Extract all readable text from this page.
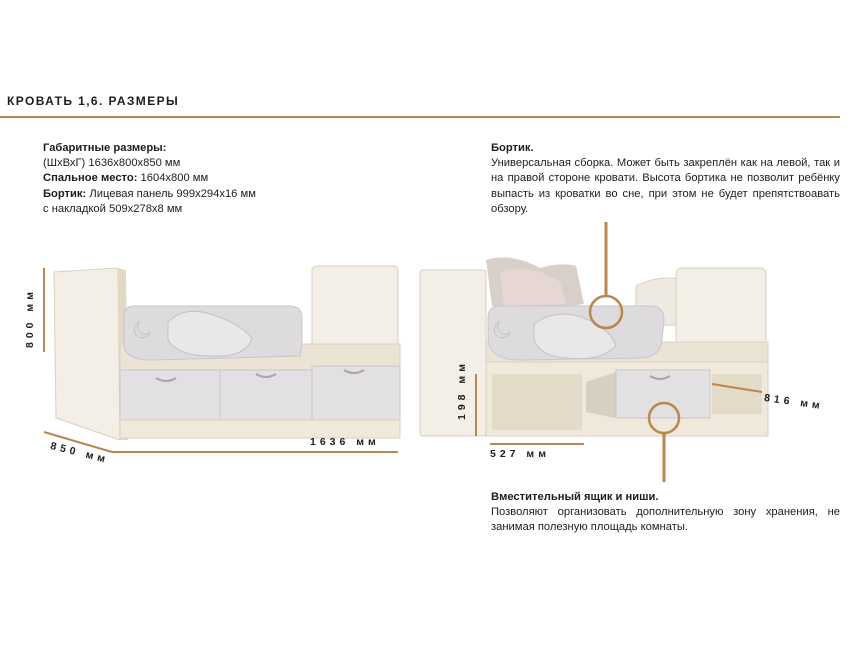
КРОВАТЬ 1,6. РАЗМЕРЫ
Габаритные размеры:
(ШхВхГ) 1636x800x850 мм
Спальное место: 1604x800 мм
Бортик: Лицевая панель 999x294x16 мм
с накладкой 509x278x8 мм
Бортик.

Универсальная сборка. Может быть закреплён как на левой, так и на правой стороне кровати. Высота бортика не позволит ребёнку выпасть из кроватки во сне, при этом не будет препятствоавать обзору.

Вместительный ящик и ниши.

Позволяют организовать дополнительную зону хранения, не занимая полезную площадь комнаты.

800 мм
850 мм	1636 мм
198 мм
527 мм
816 мм
